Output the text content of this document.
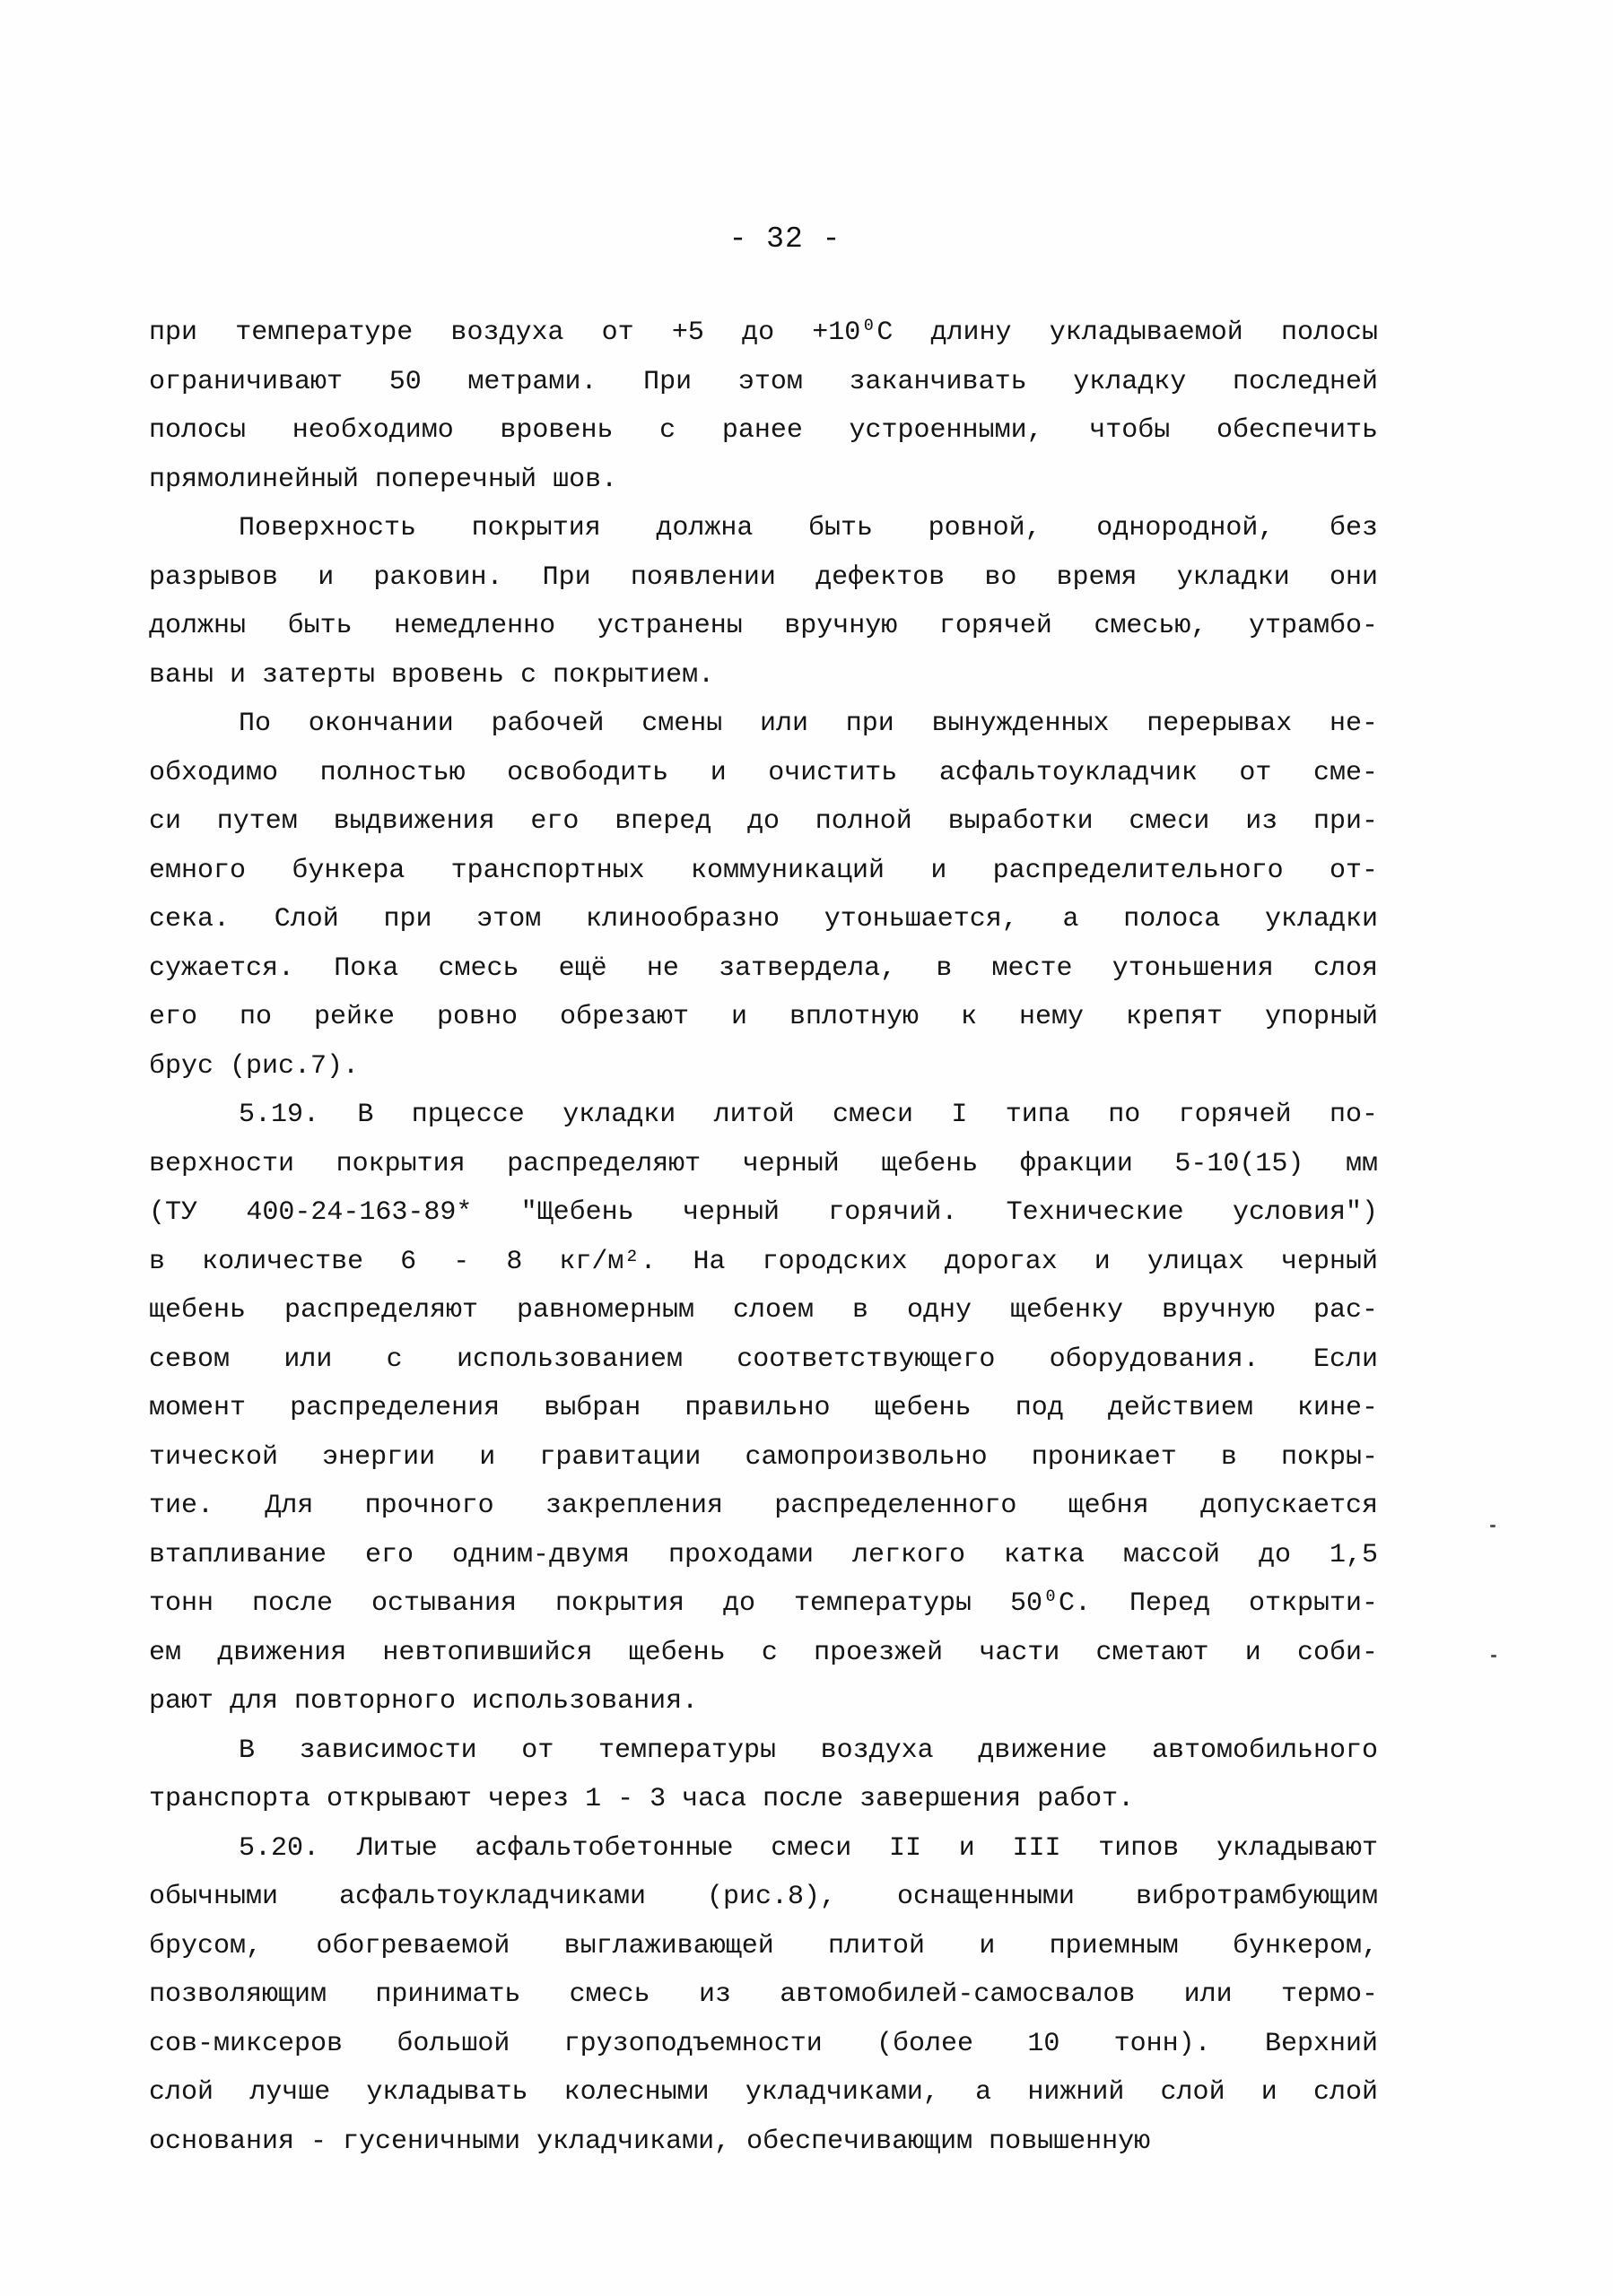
- 32 -
при температуре воздуха от +5 до +10⁰С длину укладываемой полосы
ограничивают 50 метрами. При этом заканчивать укладку последней
полосы необходимо вровень с ранее устроенными, чтобы обеспечить
прямолинейный поперечный шов.
Поверхность покрытия должна быть ровной, однородной, без
разрывов и раковин. При появлении дефектов во время укладки они
должны быть немедленно устранены вручную горячей смесью, утрамбо-
ваны и затерты вровень с покрытием.
По окончании рабочей смены или при вынужденных перерывах не-
обходимо полностью освободить и очистить асфальтоукладчик от сме-
си путем выдвижения его вперед до полной выработки смеси из при-
емного бункера транспортных коммуникаций и распределительного от-
сека. Слой при этом клинообразно утоньшается, а полоса укладки
сужается. Пока смесь ещё не затвердела, в месте утоньшения слоя
его по рейке ровно обрезают и вплотную к нему крепят упорный
брус (рис.7).
5.19. В прцессе укладки литой смеси I типа по горячей по-
верхности покрытия распределяют черный щебень фракции 5-10(15) мм
(ТУ 400-24-163-89* "Щебень черный горячий. Технические условия")
в количестве 6 - 8 кг/м². На городских дорогах и улицах черный
щебень распределяют равномерным слоем в одну щебенку вручную рас-
севом или с использованием соответствующего оборудования. Если
момент распределения выбран правильно щебень под действием кине-
тической энергии и гравитации самопроизвольно проникает в покры-
тие. Для прочного закрепления распределенного щебня допускается
втапливание его одним-двумя проходами легкого катка массой до 1,5
тонн после остывания покрытия до температуры 50⁰С. Перед открыти-
ем движения невтопившийся щебень с проезжей части сметают и соби-
рают для повторного использования.
В зависимости от температуры воздуха движение автомобильного
транспорта открывают через 1 - 3 часа после завершения работ.
5.20. Литые асфальтобетонные смеси II и III типов укладывают
обычными асфальтоукладчиками (рис.8), оснащенными вибротрамбующим
брусом, обогреваемой выглаживающей плитой и приемным бункером,
позволяющим принимать смесь из автомобилей-самосвалов или термо-
сов-миксеров большой грузоподъемности (более 10 тонн). Верхний
слой лучше укладывать колесными укладчиками, а нижний слой и слой
основания - гусеничными укладчиками, обеспечивающим повышенную
